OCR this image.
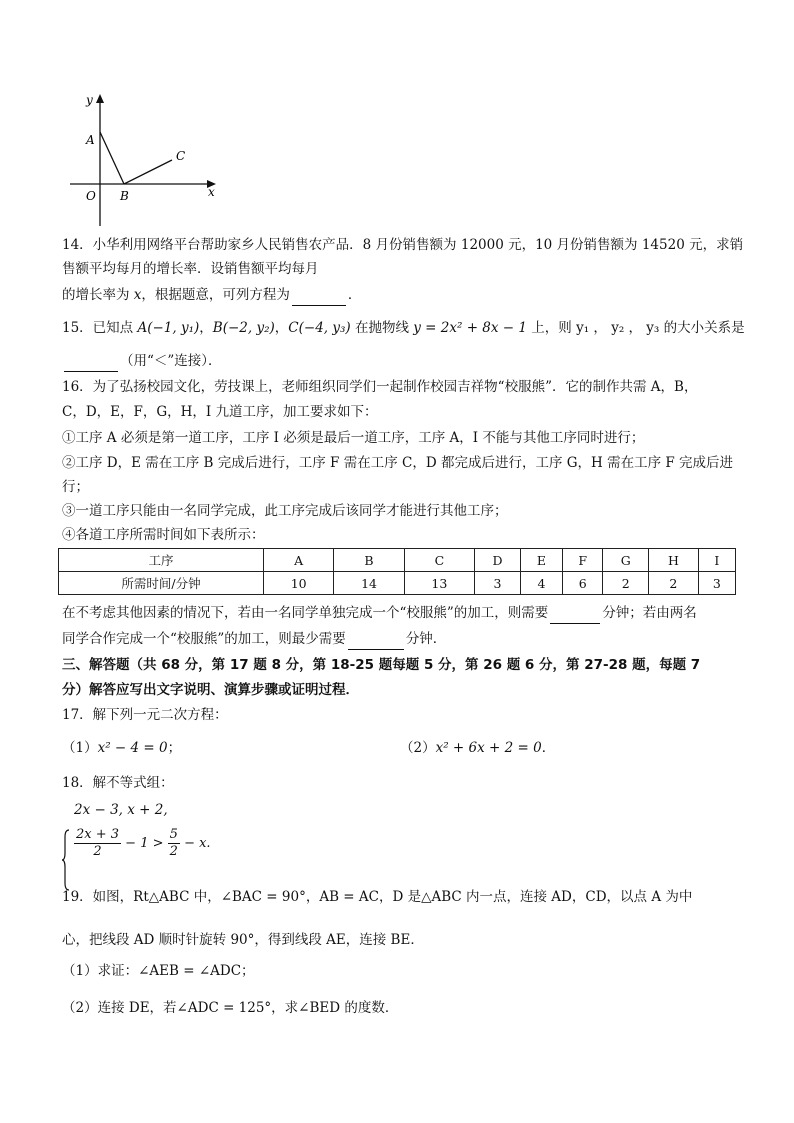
y
x
A
B
C
O
14．小华利用网络平台帮助家乡人民销售农产品．8 月份销售额为 12000 元，10 月份销售额为 14520 元，求销
售额平均每月的增长率．设销售额平均每月
的增长率为 x，根据题意，可列方程为	．
15．已知点 A(−1, y₁)，B(−2, y₂)，C(−4, y₃) 在抛物线 y = 2x² + 8x − 1 上，则 y₁ ， y₂ ， y₃ 的大小关系是
（用“＜”连接）．
16．为了弘扬校园文化，劳技课上，老师组织同学们一起制作校园吉祥物“校服熊”．它的制作共需 A，B，
C，D，E，F，G，H，I 九道工序，加工要求如下：
①工序 A 必须是第一道工序，工序 I 必须是最后一道工序，工序 A，I 不能与其他工序同时进行；
②工序 D，E 需在工序 B 完成后进行，工序 F 需在工序 C，D 都完成后进行，工序 G，H 需在工序 F 完成后进
行；
③一道工序只能由一名同学完成，此工序完成后该同学才能进行其他工序；
④各道工序所需时间如下表所示：
工序	A	B	C	D	E	F	G	H	I
所需时间/分钟	10	14	13	3	4	6	2	2	3
在不考虑其他因素的情况下，若由一名同学单独完成一个“校服熊”的加工，则需要	分钟；若由两名
同学合作完成一个“校服熊”的加工，则最少需要	分钟．
三、解答题（共 68 分，第 17 题 8 分，第 18-25 题每题 5 分，第 26 题 6 分，第 27-28 题，每题 7
分）解答应写出文字说明、演算步骤或证明过程．
17．解下列一元二次方程：
（1）x² − 4 = 0；	（2）x² + 6x + 2 = 0．
18．解不等式组：
2x − 3, x + 2,
$\frac{2x + 3}{2} - 1 > \frac{5}{2} - x$.
19．如图，Rt△ABC 中，∠BAC = 90°，AB = AC，D 是△ABC 内一点，连接 AD，CD，以点 A 为中
心，把线段 AD 顺时针旋转 90°，得到线段 AE，连接 BE．
（1）求证：∠AEB = ∠ADC；
（2）连接 DE，若∠ADC = 125°，求∠BED 的度数．
